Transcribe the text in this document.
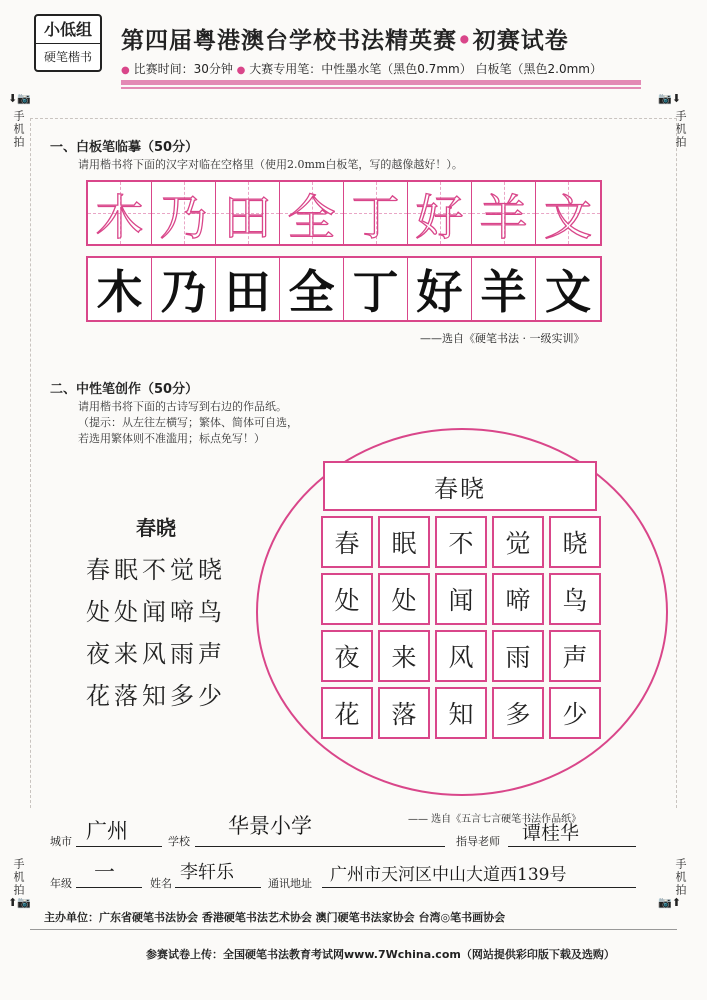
小低组
硬笔楷书
第四届粤港澳台学校书法精英赛•初赛试卷
● 比赛时间：30分钟 ● 大赛专用笔：中性墨水笔（黑色0.7mm） 白板笔（黑色2.0mm）
⬇📷
手机拍
📷⬇
手机拍
手机拍
⬆📷
手机拍
📷⬆
一、白板笔临摹（50分）
请用楷书将下面的汉字对临在空格里（使用2.0mm白板笔，写的越像越好！）。
木 乃 田 全 丁 好 羊 文
木 乃 田 全 丁 好 羊 文
——选自《硬笔书法 · 一级实训》
二、中性笔创作（50分）
请用楷书将下面的古诗写到右边的作品纸。
（提示：从左往左横写；繁体、简体可自选，
若选用繁体则不准滥用；标点免写！）
春晓
春眠不觉晓
处处闻啼鸟
夜来风雨声
花落知多少
春晓
春	眠	不	觉	晓
处	处	闻	啼	鸟
夜	来	风	雨	声
花	落	知	多	少
—— 选自《五言七言硬笔书法作品纸》
城市 广州	学校
华景小学
指导老师 谭桂华
年级 一	姓名
李轩乐
通讯地址 广州市天河区中山大道西139号
主办单位：广东省硬笔书法协会 香港硬笔书法艺术协会 澳门硬笔书法家协会 台湾◎笔书画协会
参赛试卷上传：全国硬笔书法教育考试网www.7Wchina.com（网站提供彩印版下载及选购）
